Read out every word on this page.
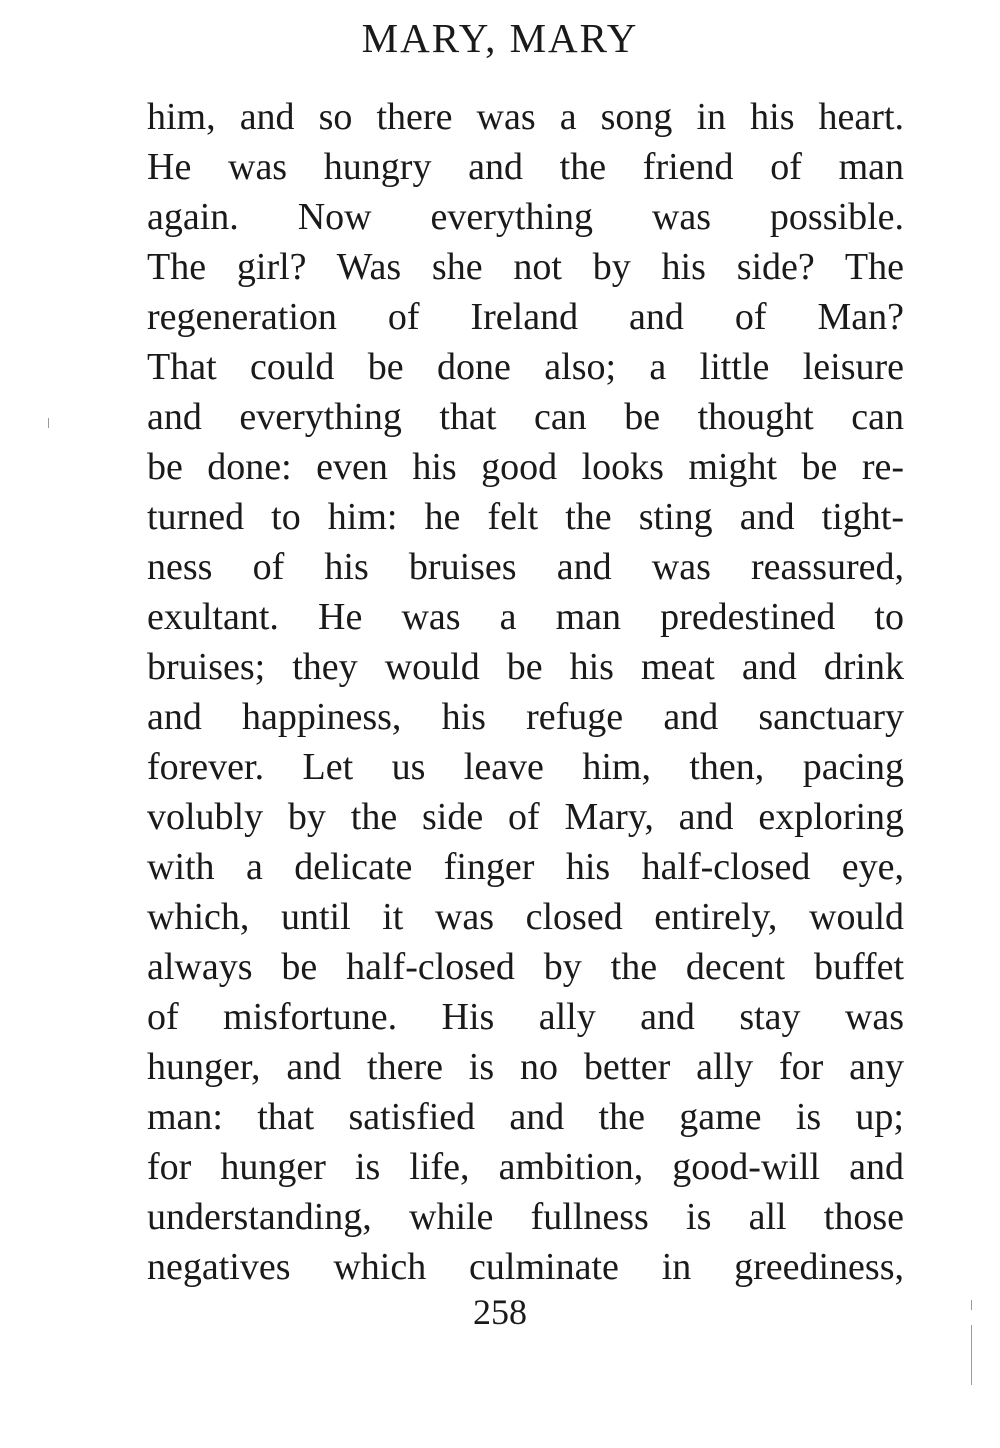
MARY, MARY
him, and so there was a song in his heart.
He was hungry and the friend of man
again. Now everything was possible.
The girl? Was she not by his side? The
regeneration of Ireland and of Man?
That could be done also; a little leisure
and everything that can be thought can
be done: even his good looks might be re-
turned to him: he felt the sting and tight-
ness of his bruises and was reassured,
exultant. He was a man predestined to
bruises; they would be his meat and drink
and happiness, his refuge and sanctuary
forever. Let us leave him, then, pacing
volubly by the side of Mary, and exploring
with a delicate finger his half-closed eye,
which, until it was closed entirely, would
always be half-closed by the decent buffet
of misfortune. His ally and stay was
hunger, and there is no better ally for any
man: that satisfied and the game is up;
for hunger is life, ambition, good-will and
understanding, while fullness is all those
negatives which culminate in greediness,
258
